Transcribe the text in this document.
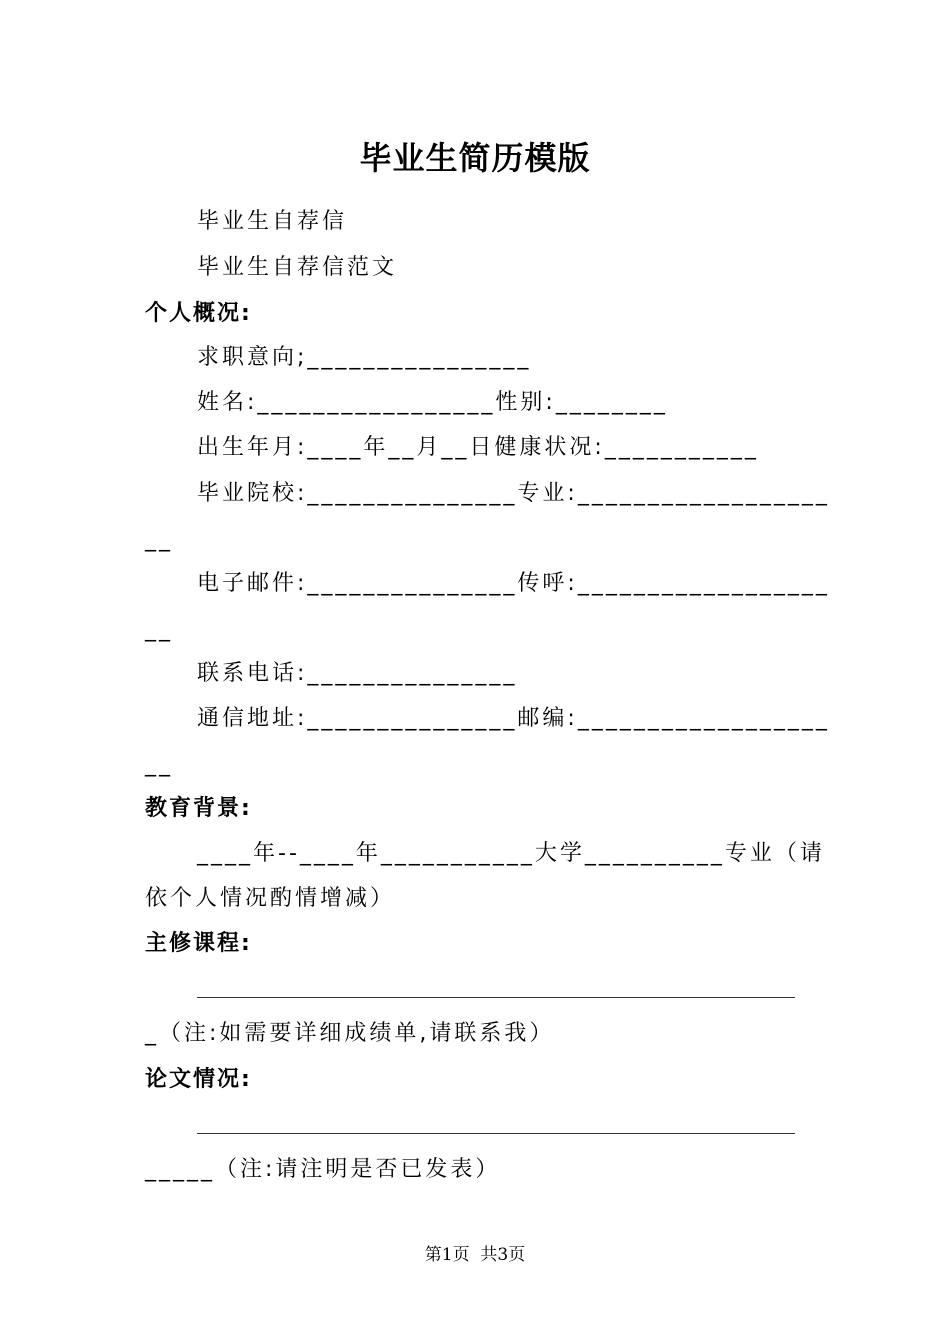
毕业生简历模版
毕业生自荐信
毕业生自荐信范文
个人概况:
求职意向;________________
姓名:_________________性别:________
出生年月:____年__月__日健康状况:___________
毕业院校:_______________专业:__________________
__
电子邮件:_______________传呼:__________________
__
联系电话:_______________
通信地址:_______________邮编:__________________
__
教育背景:
____年--____年___________大学__________专业（请
依个人情况酌情增减）
主修课程:
_（注:如需要详细成绩单,请联系我）
论文情况:
_____（注:请注明是否已发表）
第1页  共3页
